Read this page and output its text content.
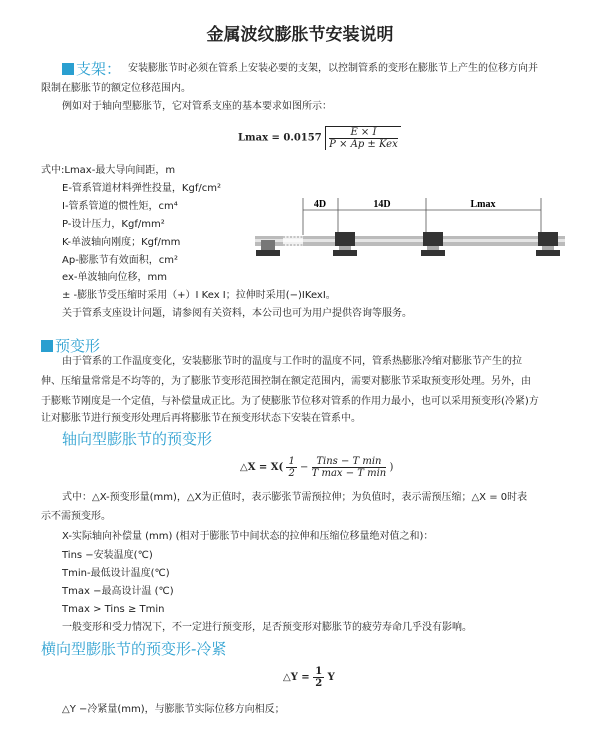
金属波纹膨胀节安装说明
支架： 安装膨胀节时必须在管系上安装必要的支架，以控制管系的变形在膨胀节上产生的位移方向并
限制在膨胀节的额定位移范围内。
例如对于轴向型膨胀节，它对管系支座的基本要求如图所示：
$Lmax = 0.0157 \frac{E \times I}{\text{P × Ap ± Kex}}$
式中:Lmax-最大导向间距，m
E-管系管道材料弹性投量，Kgf/cm²
I-管系管道的惯性矩，cm⁴
P-设计压力，Kgf/mm²
K-单波轴向刚度；Kgf/mm
Ap-膨胀节有效面积，cm²
ex-单波轴向位移，mm
± -膨胀节受压缩时采用（+）I Kex I；拉伸时采用(−)IKexI。
关于管系支座设计问题，请参阅有关资料，本公司也可为用户提供咨询等服务。
4D	14D	Lmax
预变形
由于管系的工作温度变化，安装膨胀节时的温度与工作时的温度不同，管系热膨胀冷缩对膨胀节产生的拉
伸、压缩量常常是不均等的，为了膨胀节变形范围控制在额定范围内，需要对膨胀节采取预变形处理。另外，由
于膨账节刚度是一个定值，与补偿量成正比。为了使膨胀节位移对管系的作用力最小，也可以采用预变形(冷紧)方
让对膨胀节进行预变形处理后再将膨胀节在预变形状态下安装在管系中。
轴向型膨胀节的预变形
△X = $X( \frac{1}{2} - \frac{\text{Tins − T min}}{\text{T max − T min}}$ )
式中：△X-预变形量(mm)，△X为正值时，表示膨张节需预拉伸；为负值时，表示需预压缩；△X = 0时表
示不需预变形。
X-实际轴向补偿量 (mm) (相对于膨胀节中间状态的拉伸和压缩位移量绝对值之和)：
Tins −安装温度(℃)
Tmin-最低设计温度(℃)
Tmax −最高设计温 (℃)
Tmax > Tins ≥ Tmin
一般变形和受力情况下，不一定进行预变形，足否预变形对膨胀节的疲劳寿命几乎没有影响。
横向型膨胀节的预变形-冷紧
△Y = $\frac{1}{2}$ Y
△Y −冷紧量(mm)，与膨胀节实际位移方向相反；
